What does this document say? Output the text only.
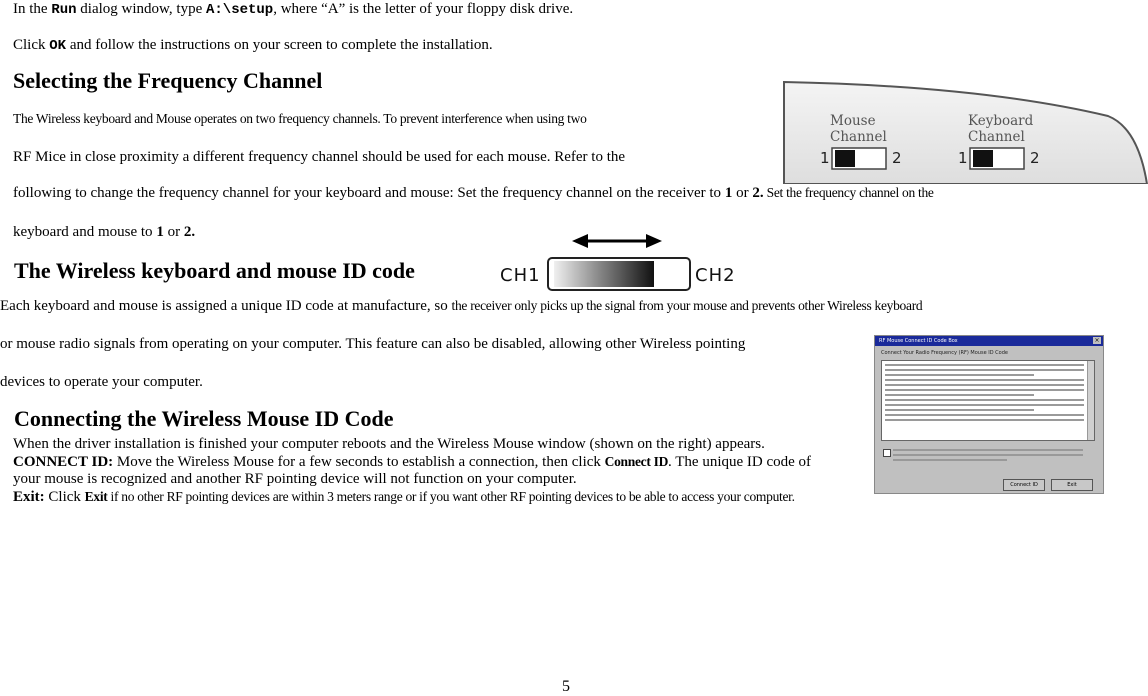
In the Run dialog window, type A:\setup, where “A” is the letter of your floppy disk drive.
Click OK and follow the instructions on your screen to complete the installation.
Selecting the Frequency Channel
The Wireless keyboard and Mouse operates on two frequency channels. To prevent interference when using two
RF Mice in close proximity a different frequency channel should be used for each mouse. Refer to the
following to change the frequency channel for your keyboard and mouse: Set the frequency channel on the receiver to 1 or 2. Set the frequency channel on the
keyboard and mouse to 1 or 2.
Mouse
Channel
Keyboard
Channel
1	2	1	2
The Wireless keyboard and mouse ID code	CH1	CH2
Each keyboard and mouse is assigned a unique ID code at manufacture, so the receiver only picks up the signal from your mouse and prevents other Wireless keyboard
or mouse radio signals from operating on your computer. This feature can also be disabled, allowing other Wireless pointing
devices to operate your computer.
Connecting the Wireless Mouse ID Code

When the driver installation is finished your computer reboots and the Wireless Mouse window (shown on the right) appears.

CONNECT ID: Move the Wireless Mouse for a few seconds to establish a connection, then click Connect ID. The unique ID code of your mouse is recognized and another RF pointing device will not function on your computer.

Exit: Click Exit if no other RF pointing devices are within 3 meters range or if you want other RF pointing devices to be able to access your computer.

RF Mouse Connect ID Code Box	×
Connect Your Radio Frequency (RF) Mouse ID Code
Connect ID	Exit
5
